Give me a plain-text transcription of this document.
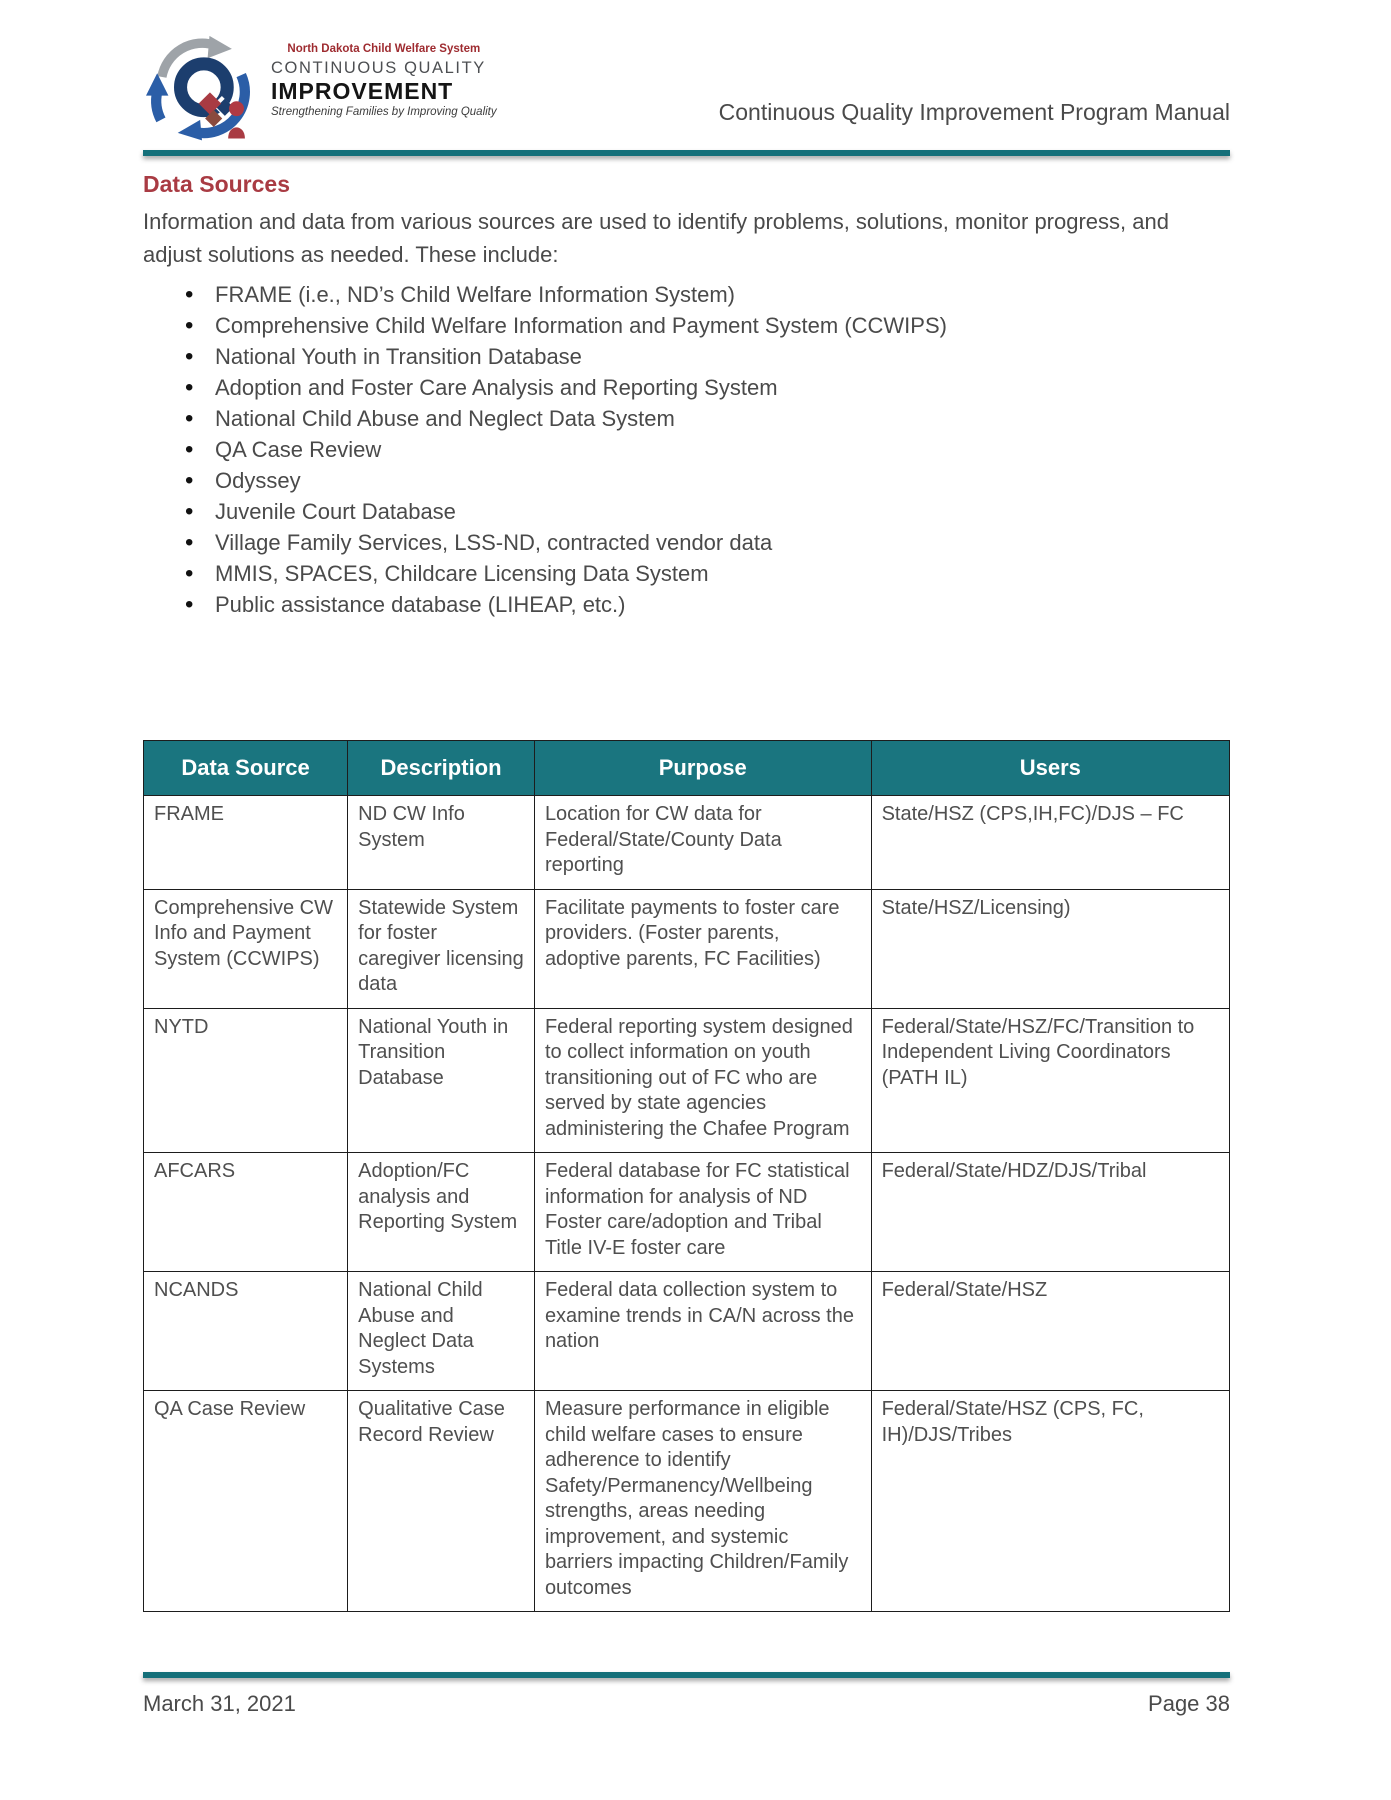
North Dakota Child Welfare System
CONTINUOUS QUALITY
IMPROVEMENT
Strengthening Families by Improving Quality	Continuous Quality Improvement Program Manual
Data Sources
Information and data from various sources are used to identify problems, solutions, monitor progress, and adjust solutions as needed. These include:
• FRAME (i.e., ND’s Child Welfare Information System)
• Comprehensive Child Welfare Information and Payment System (CCWIPS)
• National Youth in Transition Database
• Adoption and Foster Care Analysis and Reporting System
• National Child Abuse and Neglect Data System
• QA Case Review
• Odyssey
• Juvenile Court Database
• Village Family Services, LSS-ND, contracted vendor data
• MMIS, SPACES, Childcare Licensing Data System
• Public assistance database (LIHEAP, etc.)
Data Source	Description	Purpose	Users
FRAME	ND CW Info System	Location for CW data for Federal/State/County Data reporting	State/HSZ (CPS,IH,FC)/DJS – FC
Comprehensive CW Info and Payment System (CCWIPS)	Statewide System for foster caregiver licensing data	Facilitate payments to foster care providers. (Foster parents, adoptive parents, FC Facilities)	State/HSZ/Licensing)
NYTD	National Youth in Transition Database	Federal reporting system designed to collect information on youth transitioning out of FC who are served by state agencies administering the Chafee Program	Federal/State/HSZ/FC/Transition to Independent Living Coordinators (PATH IL)
AFCARS	Adoption/FC analysis and Reporting System	Federal database for FC statistical information for analysis of ND Foster care/adoption and Tribal Title IV-E foster care	Federal/State/HDZ/DJS/Tribal
NCANDS	National Child Abuse and Neglect Data Systems	Federal data collection system to examine trends in CA/N across the nation	Federal/State/HSZ
QA Case Review	Qualitative Case Record Review	Measure performance in eligible child welfare cases to ensure adherence to identify Safety/Permanency/Wellbeing strengths, areas needing improvement, and systemic barriers impacting Children/Family outcomes	Federal/State/HSZ (CPS, FC, IH)/DJS/Tribes
March 31, 2021	Page 38
